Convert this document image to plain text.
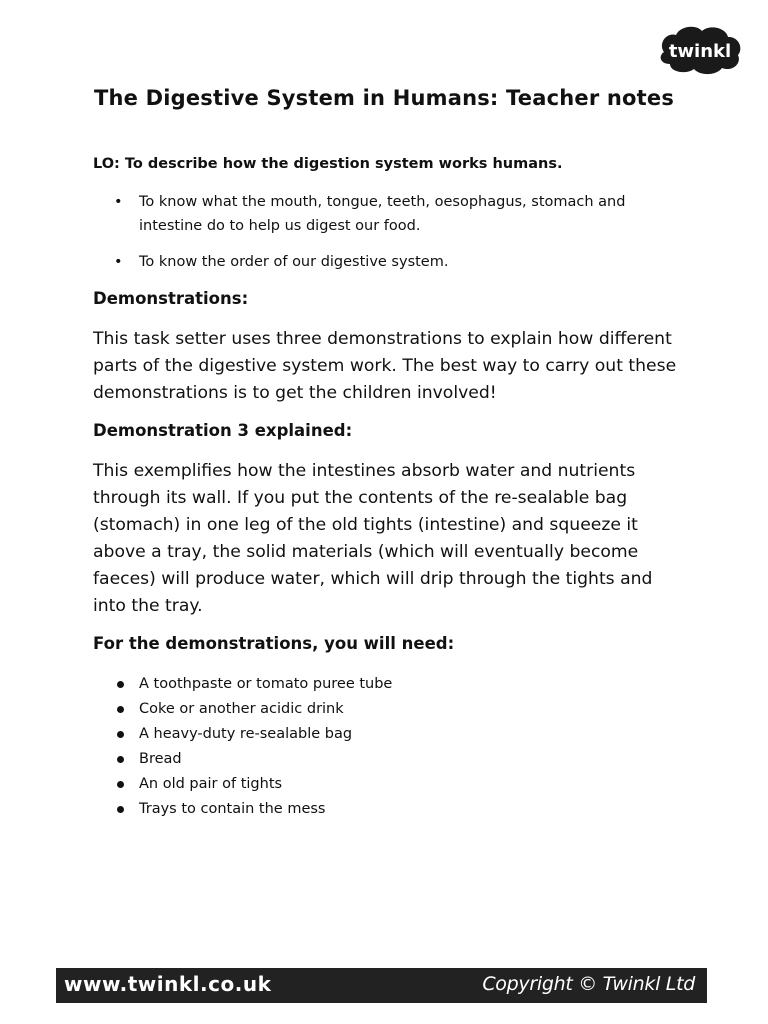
twinkl
The Digestive System in Humans: Teacher notes

LO: To describe how the digestion system works humans.

• To know what the mouth, tongue, teeth, oesophagus, stomach and intestine do to help us digest our food.
• To know the order of our digestive system.
Demonstrations:

This task setter uses three demonstrations to explain how different parts of the digestive system work. The best way to carry out these demonstrations is to get the children involved!

Demonstration 3 explained:

This exemplifies how the intestines absorb water and nutrients through its wall. If you put the contents of the re-sealable bag (stomach) in one leg of the old tights (intestine) and squeeze it above a tray, the solid materials (which will eventually become faeces) will produce water, which will drip through the tights and into the tray.

For the demonstrations, you will need:
A toothpaste or tomato puree tube
Coke or another acidic drink
A heavy-duty re-sealable bag
Bread
An old pair of tights
Trays to contain the mess
www.twinkl.co.uk	Copyright © Twinkl Ltd
